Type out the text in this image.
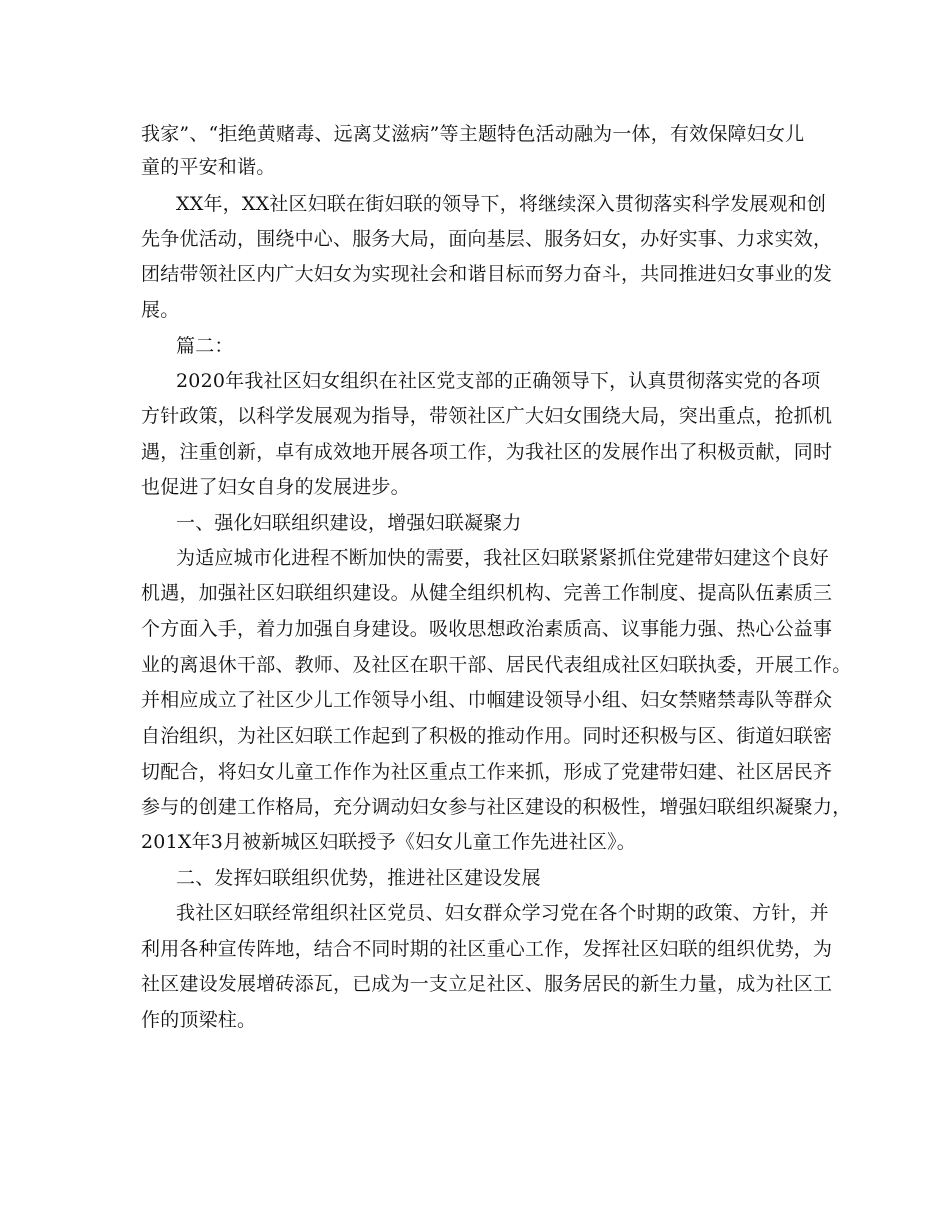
我家”、“拒绝黄赌毒、远离艾滋病”等主题特色活动融为一体，有效保障妇女儿
童的平安和谐。
XX年，XX社区妇联在街妇联的领导下，将继续深入贯彻落实科学发展观和创
先争优活动，围绕中心、服务大局，面向基层、服务妇女，办好实事、力求实效，
团结带领社区内广大妇女为实现社会和谐目标而努力奋斗，共同推进妇女事业的发
展。
篇二：
2020年我社区妇女组织在社区党支部的正确领导下，认真贯彻落实党的各项
方针政策，以科学发展观为指导，带领社区广大妇女围绕大局，突出重点，抢抓机
遇，注重创新，卓有成效地开展各项工作，为我社区的发展作出了积极贡献，同时
也促进了妇女自身的发展进步。
一、强化妇联组织建设，增强妇联凝聚力
为适应城市化进程不断加快的需要，我社区妇联紧紧抓住党建带妇建这个良好
机遇，加强社区妇联组织建设。从健全组织机构、完善工作制度、提高队伍素质三
个方面入手，着力加强自身建设。吸收思想政治素质高、议事能力强、热心公益事
业的离退休干部、教师、及社区在职干部、居民代表组成社区妇联执委，开展工作。
并相应成立了社区少儿工作领导小组、巾帼建设领导小组、妇女禁赌禁毒队等群众
自治组织，为社区妇联工作起到了积极的推动作用。同时还积极与区、街道妇联密
切配合，将妇女儿童工作作为社区重点工作来抓，形成了党建带妇建、社区居民齐
参与的创建工作格局，充分调动妇女参与社区建设的积极性，增强妇联组织凝聚力，
201X年3月被新城区妇联授予《妇女儿童工作先进社区》。
二、发挥妇联组织优势，推进社区建设发展
我社区妇联经常组织社区党员、妇女群众学习党在各个时期的政策、方针，并
利用各种宣传阵地，结合不同时期的社区重心工作，发挥社区妇联的组织优势，为
社区建设发展增砖添瓦，已成为一支立足社区、服务居民的新生力量，成为社区工
作的顶梁柱。
